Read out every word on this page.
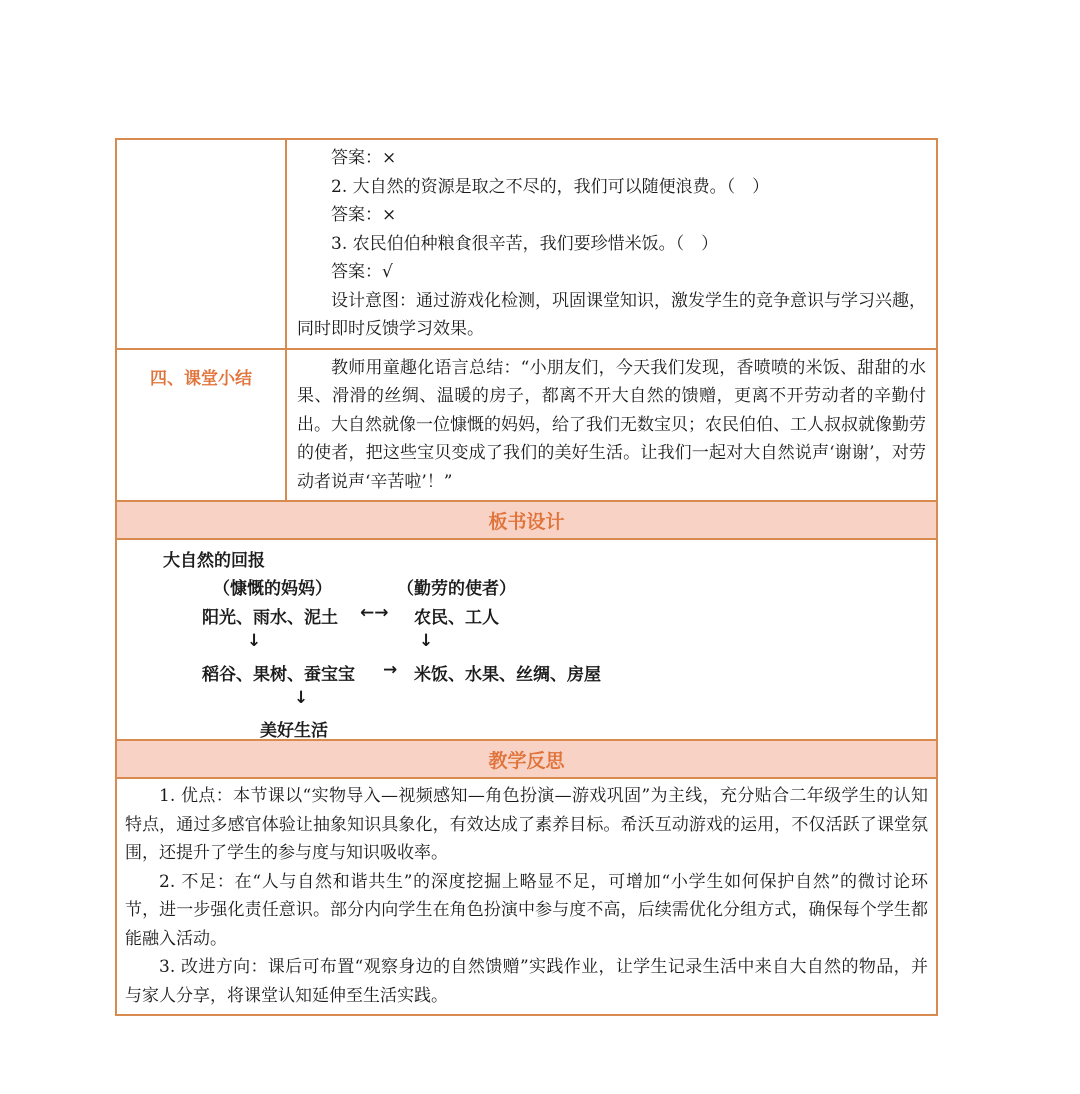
答案：×
2. 大自然的资源是取之不尽的，我们可以随便浪费。（　）
答案：×
3. 农民伯伯种粮食很辛苦，我们要珍惜米饭。（　）
答案：√
设计意图：通过游戏化检测，巩固课堂知识，激发学生的竞争意识与学习兴趣，同时即时反馈学习效果。
四、课堂小结
教师用童趣化语言总结：“小朋友们，今天我们发现，香喷喷的米饭、甜甜的水果、滑滑的丝绸、温暖的房子，都离不开大自然的馈赠，更离不开劳动者的辛勤付出。大自然就像一位慷慨的妈妈，给了我们无数宝贝；农民伯伯、工人叔叔就像勤劳的使者，把这些宝贝变成了我们的美好生活。让我们一起对大自然说声‘谢谢’，对劳动者说声‘辛苦啦’！”
板书设计
大自然的回报
（慷慨的妈妈）	（勤劳的使者）
阳光、雨水、泥土 ←→ 农民、工人
↓	↓
稻谷、果树、蚕宝宝 → 米饭、水果、丝绸、房屋
↓
美好生活
教学反思
1. 优点：本节课以“实物导入—视频感知—角色扮演—游戏巩固”为主线，充分贴合二年级学生的认知特点，通过多感官体验让抽象知识具象化，有效达成了素养目标。希沃互动游戏的运用，不仅活跃了课堂氛围，还提升了学生的参与度与知识吸收率。
2. 不足：在“人与自然和谐共生”的深度挖掘上略显不足，可增加“小学生如何保护自然”的微讨论环节，进一步强化责任意识。部分内向学生在角色扮演中参与度不高，后续需优化分组方式，确保每个学生都能融入活动。
3. 改进方向：课后可布置“观察身边的自然馈赠”实践作业，让学生记录生活中来自大自然的物品，并与家人分享，将课堂认知延伸至生活实践。
